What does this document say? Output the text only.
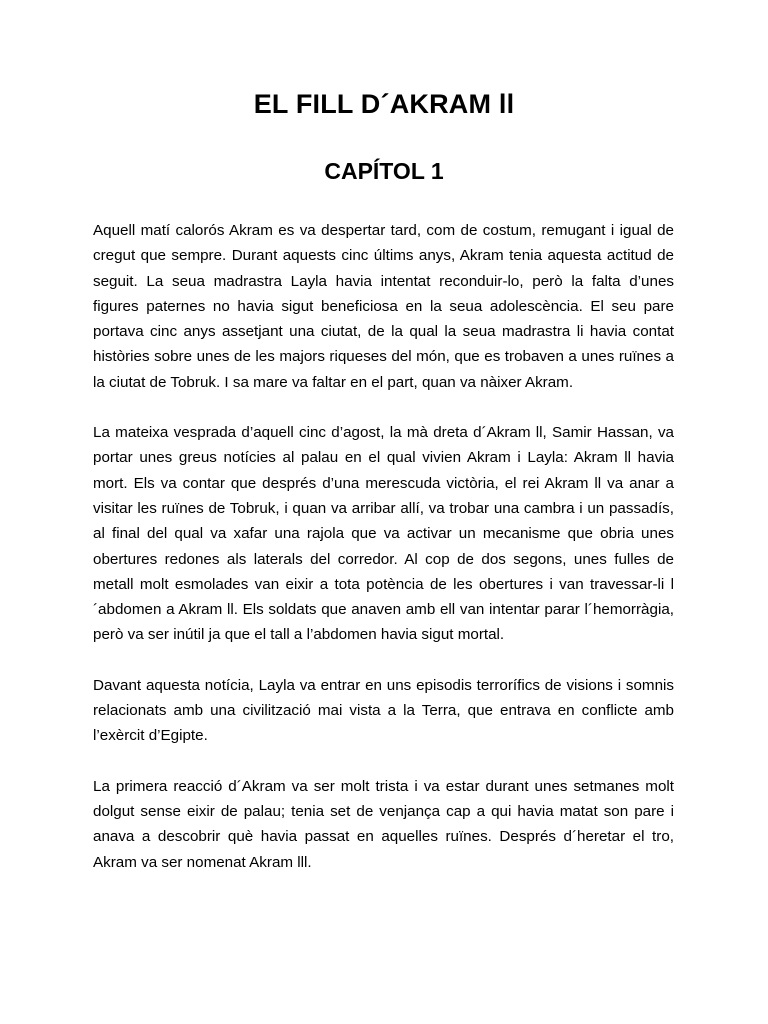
EL FILL D´AKRAM ll
CAPÍTOL 1

Aquell matí calorós Akram es va despertar tard, com de costum, remugant i igual de cregut que sempre. Durant aquests cinc últims anys, Akram tenia aquesta actitud de seguit. La seua madrastra Layla havia intentat reconduir-lo, però la falta d’unes figures paternes no havia sigut beneficiosa en la seua adolescència. El seu pare portava cinc anys assetjant una ciutat, de la qual la seua madrastra li havia contat històries sobre unes de les majors riqueses del món, que es trobaven a unes ruïnes a la ciutat de Tobruk. I sa mare va faltar en el part, quan va nàixer Akram.

La mateixa vesprada d’aquell cinc d’agost, la mà dreta d´Akram ll, Samir Hassan, va portar unes greus notícies al palau en el qual vivien Akram i Layla: Akram ll havia mort. Els va contar que després d’una merescuda victòria, el rei Akram ll va anar a visitar les ruïnes de Tobruk, i quan va arribar allí, va trobar una cambra i un passadís, al final del qual va xafar una rajola que va activar un mecanisme que obria unes obertures redones als laterals del corredor. Al cop de dos segons, unes fulles de metall molt esmolades van eixir a tota potència de les obertures i van travessar-li l´abdomen a Akram ll. Els soldats que anaven amb ell van intentar parar l´hemorràgia, però va ser inútil ja que el tall a l’abdomen havia sigut mortal.

Davant aquesta notícia, Layla va entrar en uns episodis terrorífics de visions i somnis relacionats amb una civilització mai vista a la Terra, que entrava en conflicte amb l’exèrcit d’Egipte.

La primera reacció d´Akram va ser molt trista i va estar durant unes setmanes molt dolgut sense eixir de palau; tenia set de venjança cap a qui havia matat son pare i anava a descobrir què havia passat en aquelles ruïnes. Després d´heretar el tro, Akram va ser nomenat Akram lll.
